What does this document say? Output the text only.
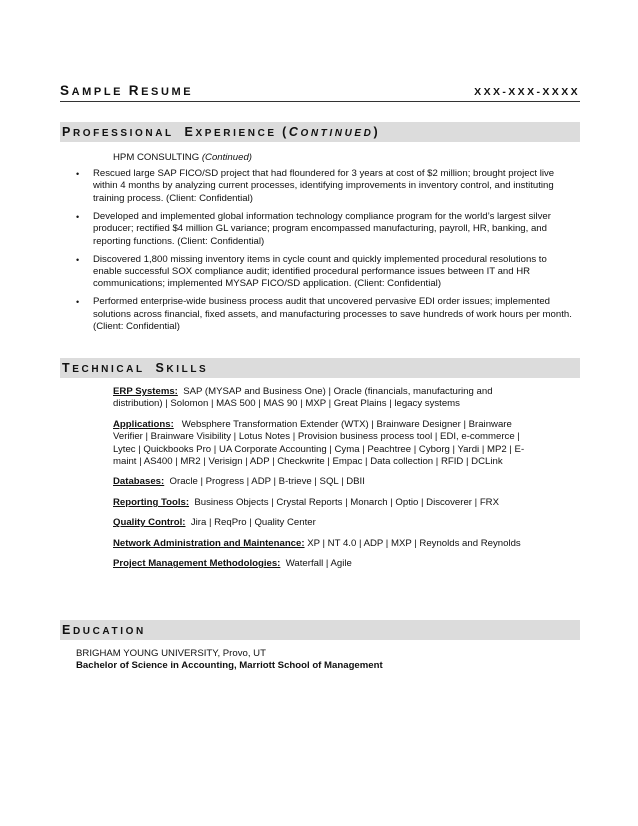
SAMPLE RESUME	XXX-XXX-XXXX
PROFESSIONAL EXPERIENCE (CONTINUED)
HPM CONSULTING (Continued)
• Rescued large SAP FICO/SD project that had floundered for 3 years at cost of $2 million; brought project live within 4 months by analyzing current processes, identifying improvements in inventory control, and instituting training process. (Client: Confidential)
• Developed and implemented global information technology compliance program for the world’s largest silver producer; rectified $4 million GL variance; program encompassed manufacturing, payroll, HR, banking, and reporting functions. (Client: Confidential)
• Discovered 1,800 missing inventory items in cycle count and quickly implemented procedural resolutions to enable successful SOX compliance audit; identified procedural performance issues between IT and HR communications; implemented MYSAP FICO/SD application. (Client: Confidential)
• Performed enterprise-wide business process audit that uncovered pervasive EDI order issues; implemented solutions across financial, fixed assets, and manufacturing processes to save hundreds of work hours per month. (Client: Confidential)
TECHNICAL SKILLS
ERP Systems: SAP (MYSAP and Business One) | Oracle (financials, manufacturing and distribution) | Solomon | MAS 500 | MAS 90 | MXP | Great Plains | legacy systems
Applications: Websphere Transformation Extender (WTX) | Brainware Designer | Brainware Verifier | Brainware Visibility | Lotus Notes | Provision business process tool | EDI, e-commerce | Lytec | Quickbooks Pro | UA Corporate Accounting | Cyma | Peachtree | Cyborg | Yardi | MP2 | E-maint | AS400 | MR2 | Verisign | ADP | Checkwrite | Empac | Data collection | RFID | DCLink
Databases: Oracle | Progress | ADP | B-trieve | SQL | DBII
Reporting Tools: Business Objects | Crystal Reports | Monarch | Optio | Discoverer | FRX
Quality Control: Jira | ReqPro | Quality Center
Network Administration and Maintenance: XP | NT 4.0 | ADP | MXP | Reynolds and Reynolds
Project Management Methodologies: Waterfall | Agile
EDUCATION
BRIGHAM YOUNG UNIVERSITY, Provo, UT
Bachelor of Science in Accounting, Marriott School of Management
